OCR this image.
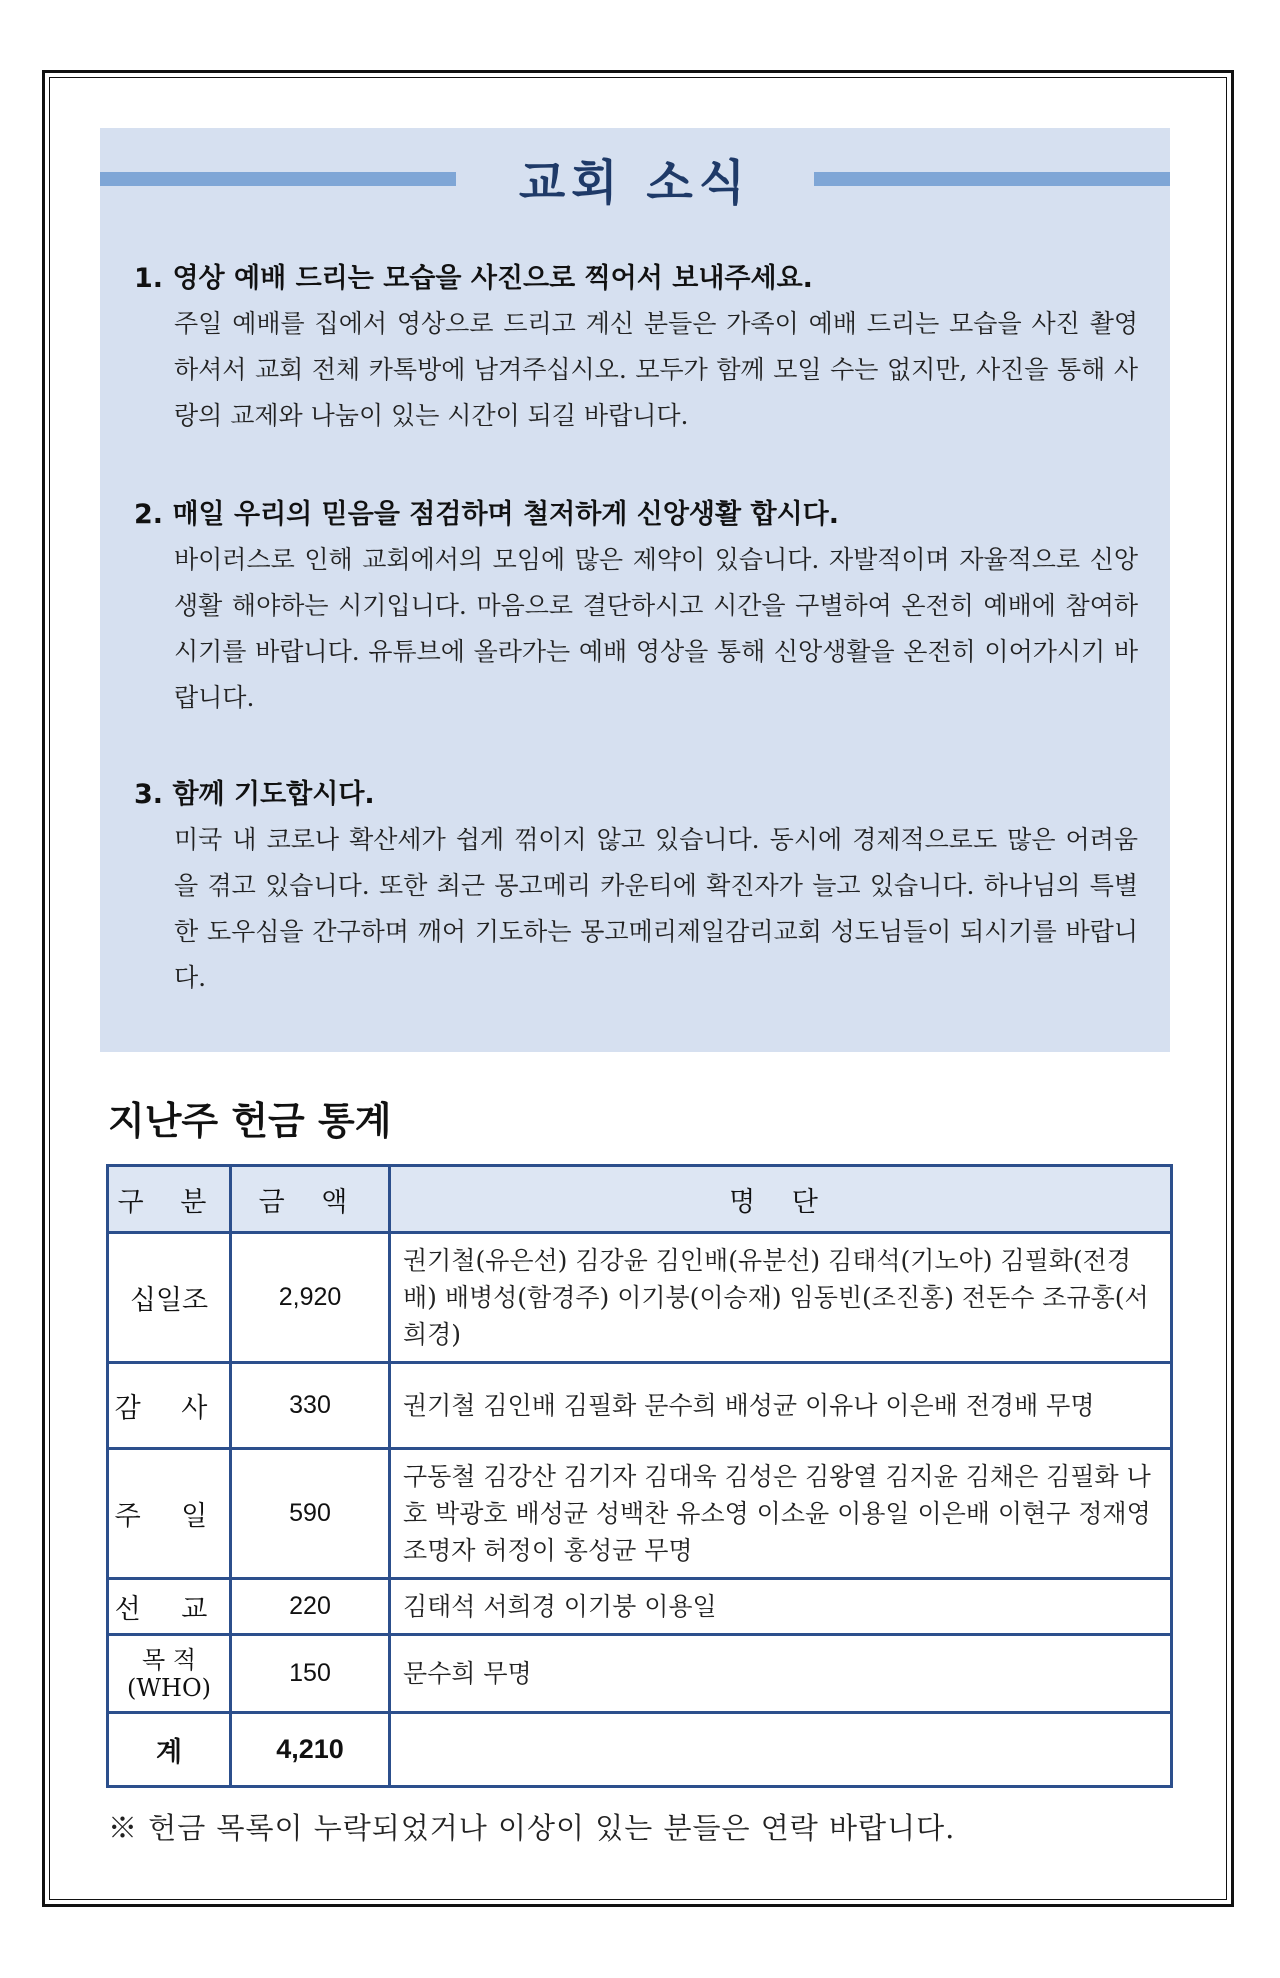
교회 소식
1. 영상 예배 드리는 모습을 사진으로 찍어서 보내주세요.
주일 예배를 집에서 영상으로 드리고 계신 분들은 가족이 예배 드리는 모습을 사진 촬영하셔서 교회 전체 카톡방에 남겨주십시오. 모두가 함께 모일 수는 없지만, 사진을 통해 사랑의 교제와 나눔이 있는 시간이 되길 바랍니다.
2. 매일 우리의 믿음을 점검하며 철저하게 신앙생활 합시다.
바이러스로 인해 교회에서의 모임에 많은 제약이 있습니다. 자발적이며 자율적으로 신앙생활 해야하는 시기입니다. 마음으로 결단하시고 시간을 구별하여 온전히 예배에 참여하시기를 바랍니다. 유튜브에 올라가는 예배 영상을 통해 신앙생활을 온전히 이어가시기 바랍니다.
3. 함께 기도합시다.
미국 내 코로나 확산세가 쉽게 꺾이지 않고 있습니다. 동시에 경제적으로도 많은 어려움을 겪고 있습니다. 또한 최근 몽고메리 카운티에 확진자가 늘고 있습니다. 하나님의 특별한 도우심을 간구하며 깨어 기도하는 몽고메리제일감리교회 성도님들이 되시기를 바랍니다.
지난주 헌금 통계
구 분	금 액	명 단
십일조	2,920	권기철(유은선) 김강윤 김인배(유분선) 김태석(기노아) 김필화(전경배) 배병성(함경주) 이기붕(이승재) 임동빈(조진홍) 전돈수 조규홍(서희경)
감 사	330	권기철 김인배 김필화 문수희 배성균 이유나 이은배 전경배 무명
주 일	590	구동철 김강산 김기자 김대욱 김성은 김왕열 김지윤 김채은 김필화 나 호 박광호 배성균 성백찬 유소영 이소윤 이용일 이은배 이현구 정재영 조명자 허정이 홍성균 무명
선 교	220	김태석 서희경 이기붕 이용일
목 적
(WHO)	150	문수희 무명
계	4,210	
※ 헌금 목록이 누락되었거나 이상이 있는 분들은 연락 바랍니다.
